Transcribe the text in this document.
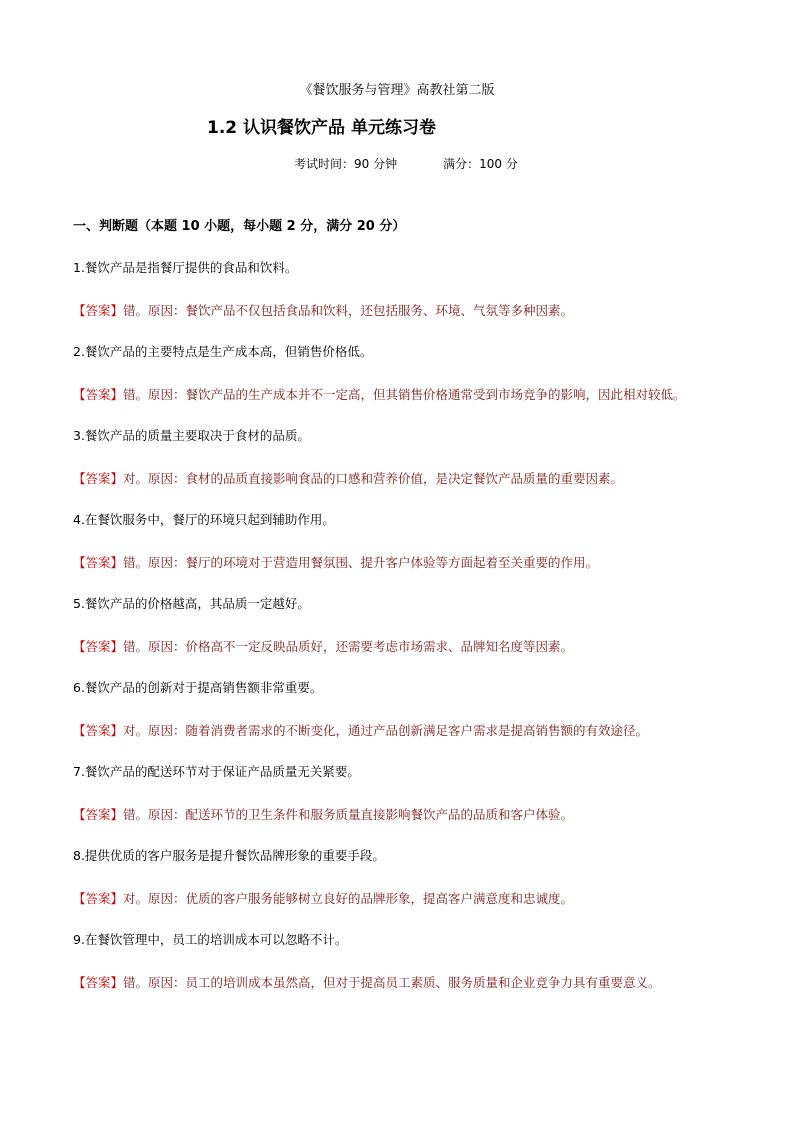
《餐饮服务与管理》高教社第二版
1.2 认识餐饮产品 单元练习卷
考试时间：90 分钟	满分：100 分
一、判断题（本题 10 小题，每小题 2 分，满分 20 分）
1.餐饮产品是指餐厅提供的食品和饮料。
【答案】错。原因：餐饮产品不仅包括食品和饮料，还包括服务、环境、气氛等多种因素。
2.餐饮产品的主要特点是生产成本高，但销售价格低。
【答案】错。原因：餐饮产品的生产成本并不一定高，但其销售价格通常受到市场竞争的影响，因此相对较低。
3.餐饮产品的质量主要取决于食材的品质。
【答案】对。原因：食材的品质直接影响食品的口感和营养价值，是决定餐饮产品质量的重要因素。
4.在餐饮服务中，餐厅的环境只起到辅助作用。
【答案】错。原因：餐厅的环境对于营造用餐氛围、提升客户体验等方面起着至关重要的作用。
5.餐饮产品的价格越高，其品质一定越好。
【答案】错。原因：价格高不一定反映品质好，还需要考虑市场需求、品牌知名度等因素。
6.餐饮产品的创新对于提高销售额非常重要。
【答案】对。原因：随着消费者需求的不断变化，通过产品创新满足客户需求是提高销售额的有效途径。
7.餐饮产品的配送环节对于保证产品质量无关紧要。
【答案】错。原因：配送环节的卫生条件和服务质量直接影响餐饮产品的品质和客户体验。
8.提供优质的客户服务是提升餐饮品牌形象的重要手段。
【答案】对。原因：优质的客户服务能够树立良好的品牌形象，提高客户满意度和忠诚度。
9.在餐饮管理中，员工的培训成本可以忽略不计。
【答案】错。原因：员工的培训成本虽然高，但对于提高员工素质、服务质量和企业竞争力具有重要意义。
